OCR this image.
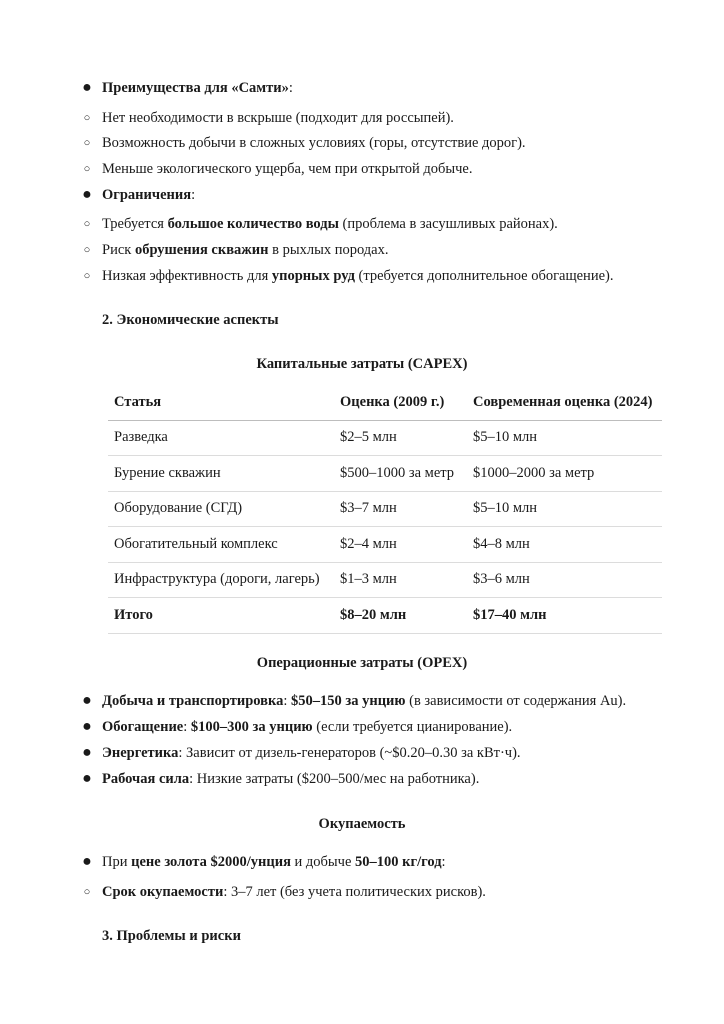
● Преимущества для «Самти»:
○ Нет необходимости в вскрыше (подходит для россыпей).
○ Возможность добычи в сложных условиях (горы, отсутствие дорог).
○ Меньше экологического ущерба, чем при открытой добыче.
● Ограничения:
○ Требуется большое количество воды (проблема в засушливых районах).
○ Риск обрушения скважин в рыхлых породах.
○ Низкая эффективность для упорных руд (требуется дополнительное обогащение).
2. Экономические аспекты
Капитальные затраты (CAPEX)
Статья	Оценка (2009 г.)	Современная оценка (2024)
Разведка	$2–5 млн	$5–10 млн
Бурение скважин	$500–1000 за метр	$1000–2000 за метр
Оборудование (СГД)	$3–7 млн	$5–10 млн
Обогатительный комплекс	$2–4 млн	$4–8 млн
Инфраструктура (дороги, лагерь)	$1–3 млн	$3–6 млн
Итого	$8–20 млн	$17–40 млн
Операционные затраты (OPEX)
● Добыча и транспортировка: $50–150 за унцию (в зависимости от содержания Au).
● Обогащение: $100–300 за унцию (если требуется цианирование).
● Энергетика: Зависит от дизель-генераторов (~$0.20–0.30 за кВт·ч).
● Рабочая сила: Низкие затраты ($200–500/мес на работника).
Окупаемость
● При цене золота $2000/унция и добыче 50–100 кг/год:
○ Срок окупаемости: 3–7 лет (без учета политических рисков).
3. Проблемы и риски
